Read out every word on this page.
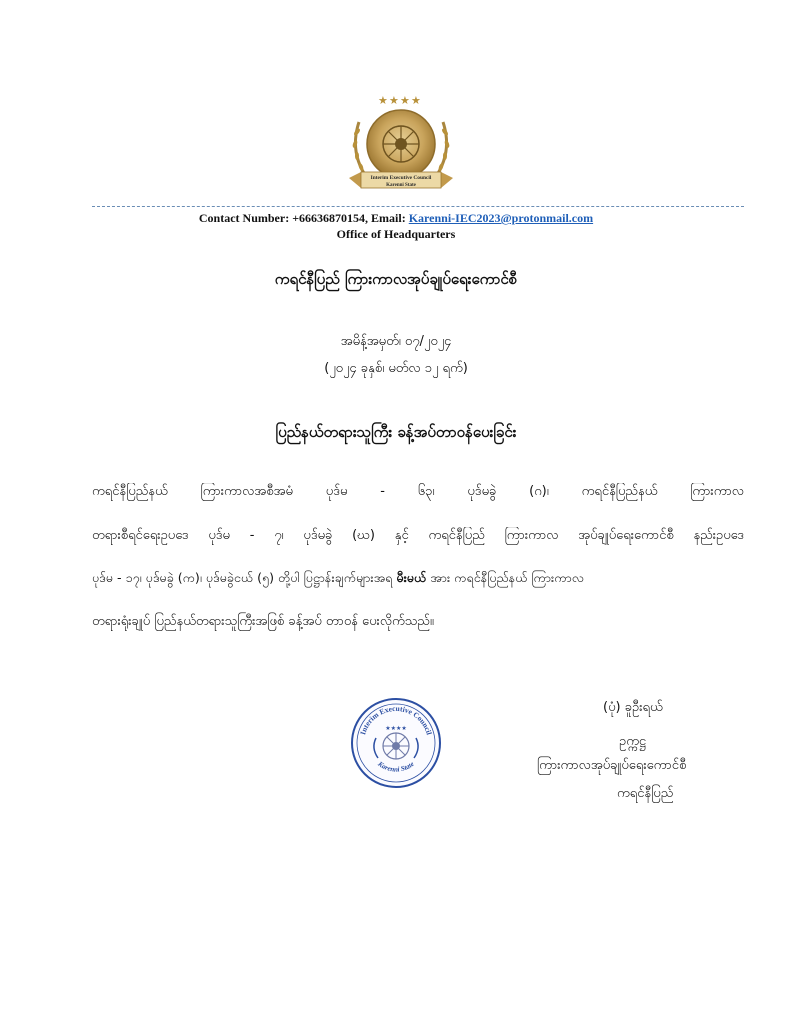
★ ★ ★ ★
Interim Executive Council
Karenni State
Contact Number: +66636870154, Email: Karenni-IEC2023@protonmail.com
Office of Headquarters
ကရင်နီပြည် ကြားကာလအုပ်ချုပ်ရေးကောင်စီ
အမိန့်အမှတ်၊ ၀၇/၂၀၂၄
(၂၀၂၄ ခုနှစ်၊ မတ်လ ၁၂ ရက်)
ပြည်နယ်တရားသူကြီး ခန့်အပ်တာဝန်ပေးခြင်း
ကရင်နီပြည်နယ် ကြားကာလအစီအမံ ပုဒ်မ - ၆၃၊ ပုဒ်မခွဲ (ဂ)၊ ကရင်နီပြည်နယ် ကြားကာလ
တရားစီရင်ရေးဥပဒေ ပုဒ်မ - ၇၊ ပုဒ်မခွဲ (ဃ) နှင့် ကရင်နီပြည် ကြားကာလ အုပ်ချုပ်ရေးကောင်စီ နည်းဥပဒေ
ပုဒ်မ - ၁၇၊ ပုဒ်မခွဲ (က)၊ ပုဒ်မခွဲငယ် (၅) တို့ပါ ပြဋ္ဌာန်းချက်များအရ မီးမယ် အား ကရင်နီပြည်နယ် ကြားကာလ
တရားရုံးချုပ် ပြည်နယ်တရားသူကြီးအဖြစ် ခန့်အပ် တာဝန် ပေးလိုက်သည်။
Interim Executive Council
Karenni State
★★★★
(ပုံ) ခူဦးရယ်
ဥက္ကဋ္ဌ
ကြားကာလအုပ်ချုပ်ရေးကောင်စီ
ကရင်နီပြည်
